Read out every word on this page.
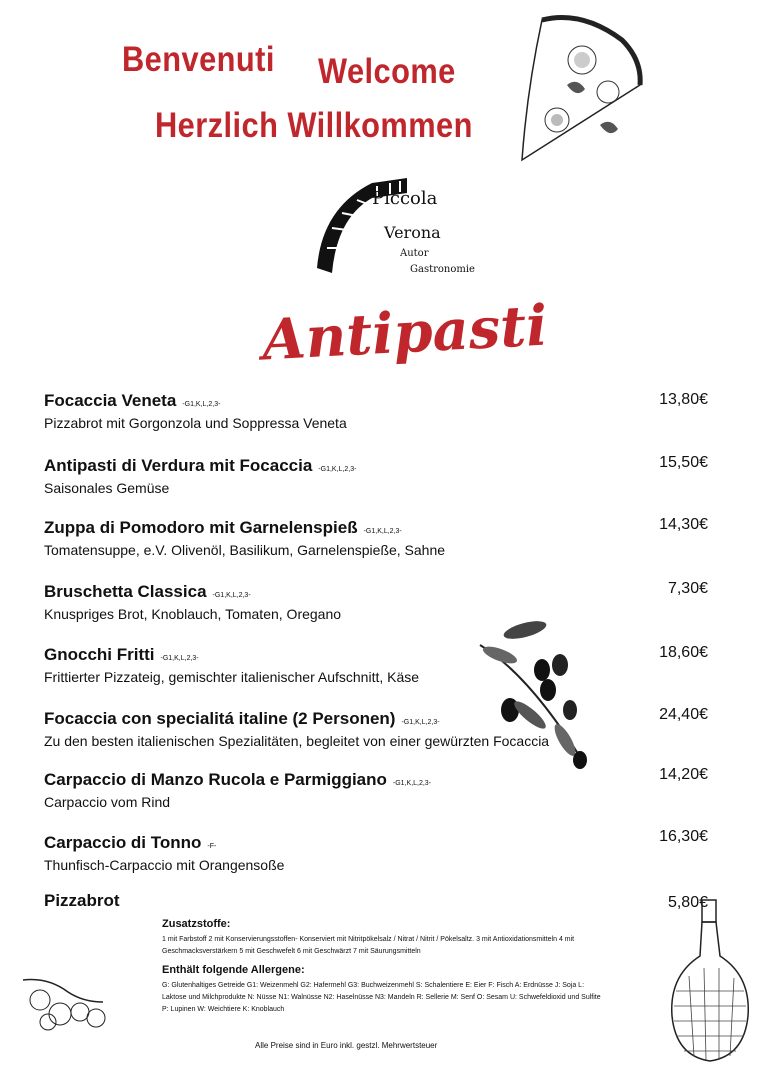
Benvenuti Welcome
Herzlich Willkommen
Piccola
Verona
Autor
Gastronomie
Antipasti
Focaccia Veneta -G1,K,L,2,3-
Pizzabrot mit Gorgonzola und Soppressa Veneta
13,80€
Antipasti di Verdura mit Focaccia -G1,K,L,2,3-
Saisonales Gemüse
15,50€
Zuppa di Pomodoro mit Garnelenspieß -G1,K,L,2,3-
Tomatensuppe, e.V. Olivenöl, Basilikum, Garnelenspieße, Sahne
14,30€
Bruschetta Classica -G1,K,L,2,3-
Knuspriges Brot, Knoblauch, Tomaten, Oregano
7,30€
Gnocchi Fritti -G1,K,L,2,3-
Frittierter Pizzateig, gemischter italienischer Aufschnitt, Käse
18,60€
Focaccia con specialitá italine (2 Personen) -G1,K,L,2,3-
Zu den besten italienischen Spezialitäten, begleitet von einer gewürzten Focaccia
24,40€
Carpaccio di Manzo Rucola e Parmiggiano -G1,K,L,2,3-
Carpaccio vom Rind
14,20€
Carpaccio di Tonno -F-
Thunfisch-Carpaccio mit Orangensoße
16,30€
Pizzabrot	5,80€
Zusatzstoffe:

1 mit Farbstoff 2 mit Konservierungsstoffen- Konserviert mit Nitritpökelsalz / Nitrat / Nitrit / Pökelsaltz. 3 mit Antioxidationsmitteln 4 mit Geschmacksverstärkern 5 mit Geschwefelt 6 mit Geschwärzt 7 mit Säurungsmitteln

Enthält folgende Allergene:

G: Glutenhaltiges Getreide G1: Weizenmehl G2: Hafermehl G3: Buchweizenmehl S: Schalentiere E: Eier F: Fisch A: Erdnüsse J: Soja L: Laktose und Milchprodukte N: Nüsse N1: Walnüsse N2: Haselnüsse N3: Mandeln R: Sellerie M: Senf O: Sesam U: Schwefeldioxid und Sulfite P: Lupinen W: Weichtiere K: Knoblauch

Alle Preise sind in Euro inkl. gestzl. Mehrwertsteuer
